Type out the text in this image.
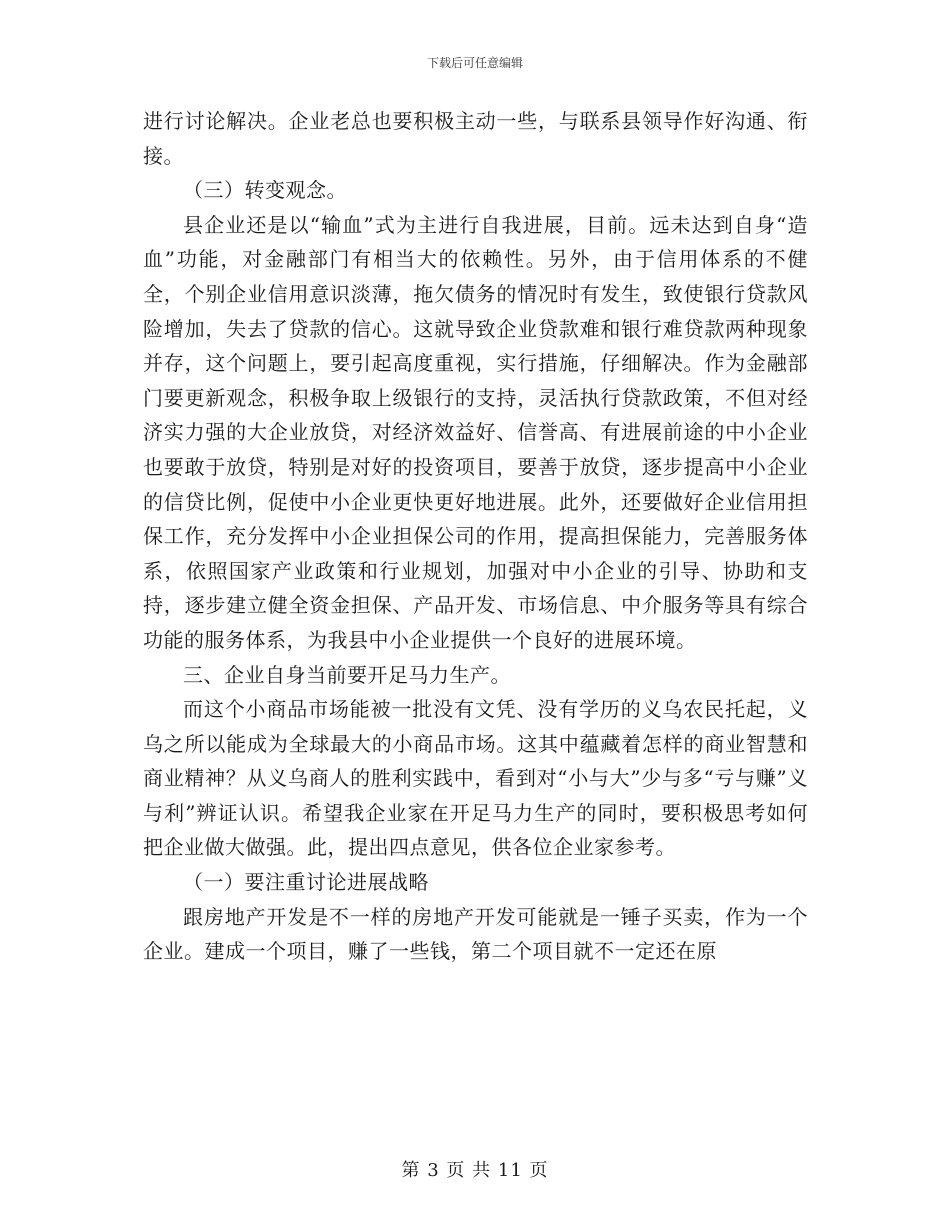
下载后可任意编辑

进行讨论解决。企业老总也要积极主动一些，与联系县领导作好沟通、衔接。

（三）转变观念。

县企业还是以“输血”式为主进行自我进展，目前。远未达到自身“造血”功能，对金融部门有相当大的依赖性。另外，由于信用体系的不健全，个别企业信用意识淡薄，拖欠债务的情况时有发生，致使银行贷款风险增加，失去了贷款的信心。这就导致企业贷款难和银行难贷款两种现象并存，这个问题上，要引起高度重视，实行措施，仔细解决。作为金融部门要更新观念，积极争取上级银行的支持，灵活执行贷款政策，不但对经济实力强的大企业放贷，对经济效益好、信誉高、有进展前途的中小企业也要敢于放贷，特别是对好的投资项目，要善于放贷，逐步提高中小企业的信贷比例，促使中小企业更快更好地进展。此外，还要做好企业信用担保工作，充分发挥中小企业担保公司的作用，提高担保能力，完善服务体系，依照国家产业政策和行业规划，加强对中小企业的引导、协助和支持，逐步建立健全资金担保、产品开发、市场信息、中介服务等具有综合功能的服务体系，为我县中小企业提供一个良好的进展环境。

三、企业自身当前要开足马力生产。

而这个小商品市场能被一批没有文凭、没有学历的义乌农民托起，义乌之所以能成为全球最大的小商品市场。这其中蕴藏着怎样的商业智慧和商业精神？从义乌商人的胜利实践中，看到对“小与大”少与多“亏与赚”义与利”辨证认识。希望我企业家在开足马力生产的同时，要积极思考如何把企业做大做强。此，提出四点意见，供各位企业家参考。

（一）要注重讨论进展战略

跟房地产开发是不一样的房地产开发可能就是一锤子买卖，作为一个企业。建成一个项目，赚了一些钱，第二个项目就不一定还在原

第 3 页 共 11 页
